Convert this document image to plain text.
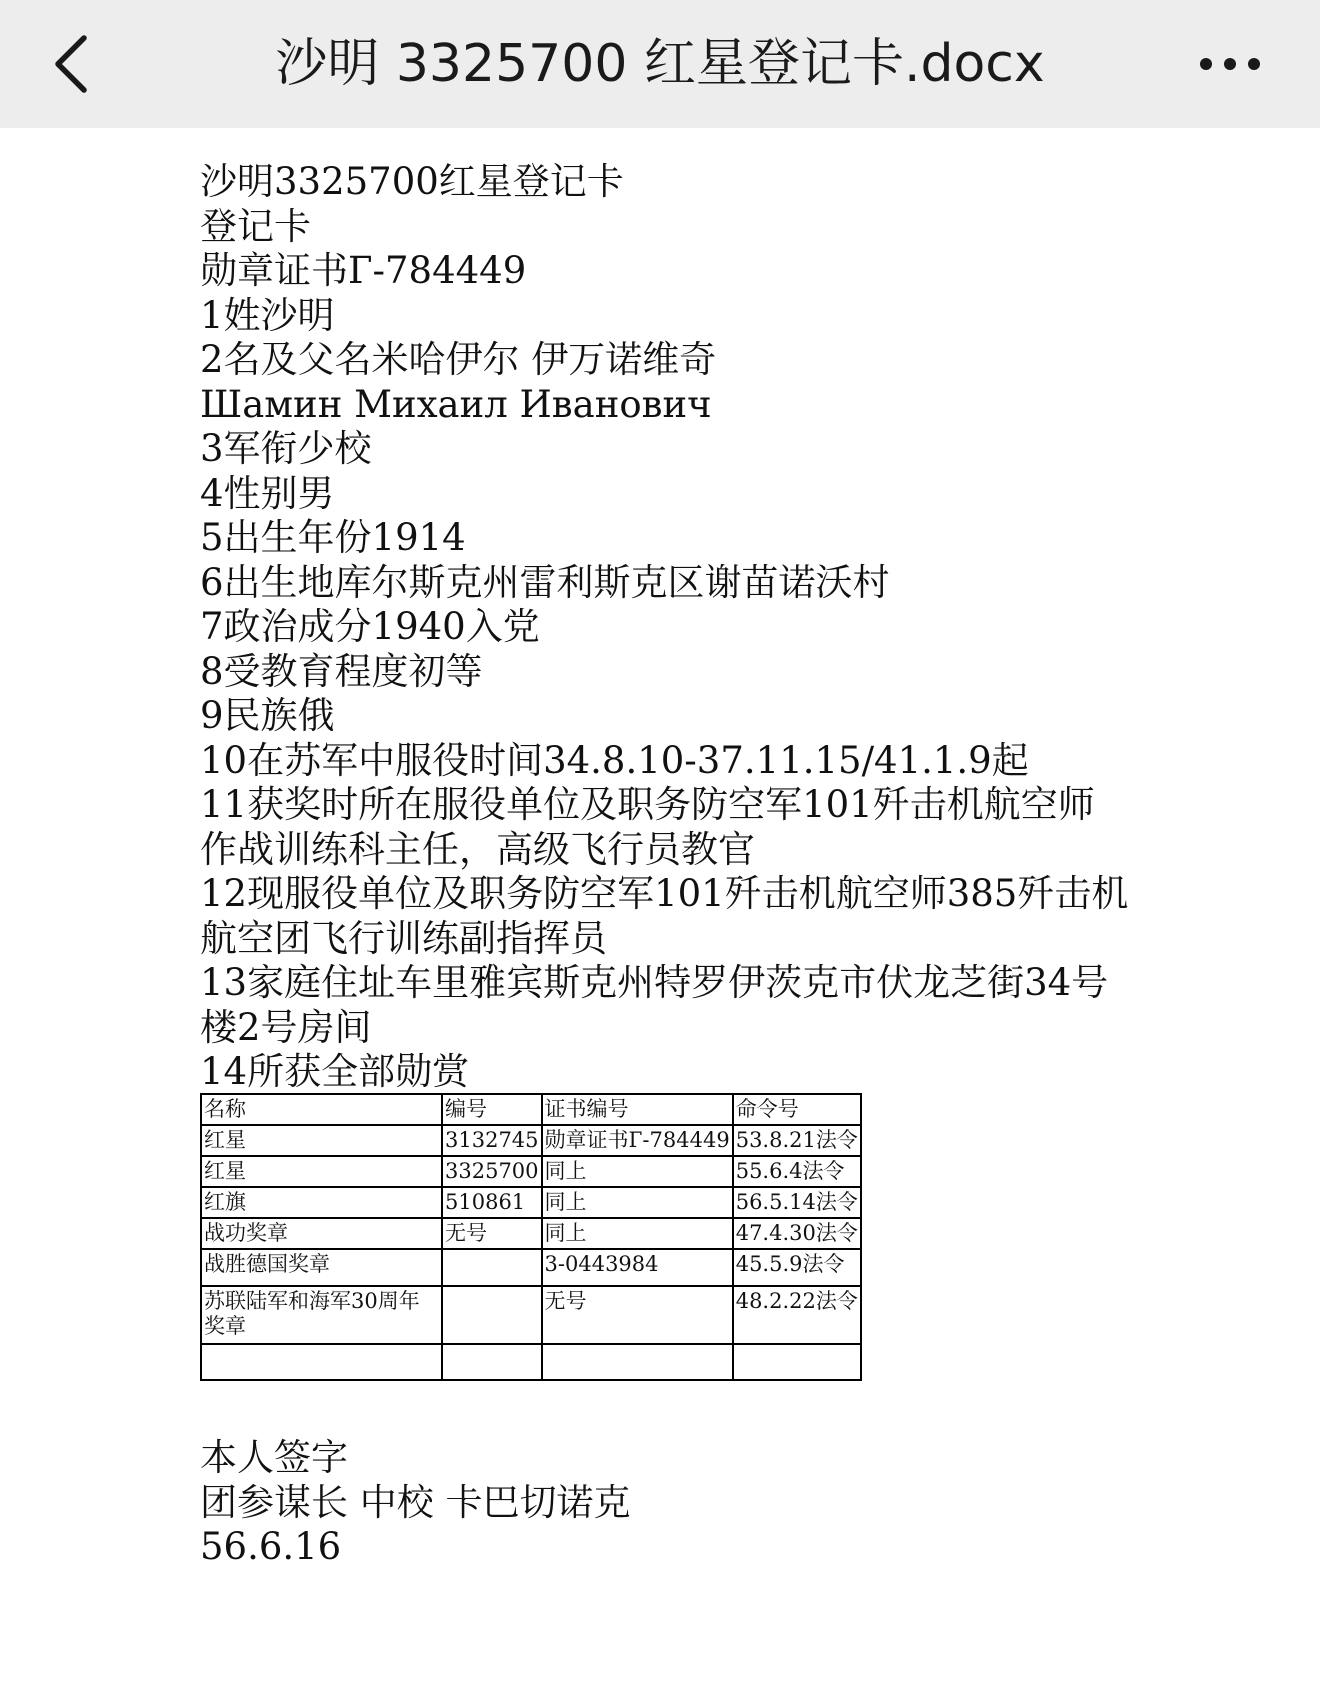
沙明 3325700 红星登记卡.docx
沙明3325700红星登记卡
登记卡
勋章证书Г-784449
1姓沙明
2名及父名米哈伊尔 伊万诺维奇
Шамин Михаил Иванович
3军衔少校
4性别男
5出生年份1914
6出生地库尔斯克州雷利斯克区谢苗诺沃村
7政治成分1940入党
8受教育程度初等
9民族俄
10在苏军中服役时间34.8.10-37.11.15/41.1.9起
11获奖时所在服役单位及职务防空军101歼击机航空师作战训练科主任，高级飞行员教官
12现服役单位及职务防空军101歼击机航空师385歼击机航空团飞行训练副指挥员
13家庭住址车里雅宾斯克州特罗伊茨克市伏龙芝街34号楼2号房间
14所获全部勋赏
名称	编号	证书编号	命令号
红星	3132745	勋章证书Г-784449	53.8.21法令
红星	3325700	同上	55.6.4法令
红旗	510861	同上	56.5.14法令
战功奖章	无号	同上	47.4.30法令
战胜德国奖章		3-0443984	45.5.9法令
苏联陆军和海军30周年奖章		无号	48.2.22法令

本人签字
团参谋长 中校 卡巴切诺克
56.6.16
